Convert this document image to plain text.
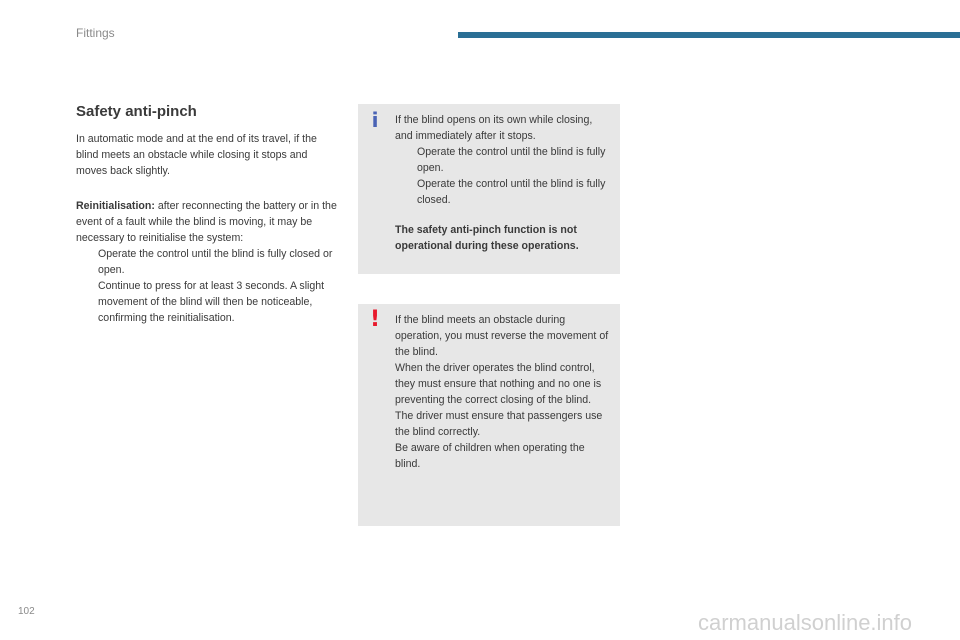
Fittings
Safety anti-pinch

In automatic mode and at the end of its travel, if the blind meets an obstacle while closing it stops and moves back slightly.

Reinitialisation: after reconnecting the battery or in the event of a fault while the blind is moving, it may be necessary to reinitialise the system:

Operate the control until the blind is fully closed or open.
Continue to press for at least 3 seconds. A slight movement of the blind will then be noticeable, confirming the reinitialisation.
i	If the blind opens on its own while closing, and immediately after it stops.

Operate the control until the blind is fully open.
Operate the control until the blind is fully closed.

The safety anti-pinch function is not operational during these operations.

! If the blind meets an obstacle during operation, you must reverse the movement of the blind.

When the driver operates the blind control, they must ensure that nothing and no one is preventing the correct closing of the blind.

The driver must ensure that passengers use the blind correctly.

Be aware of children when operating the blind.

102	carmanualsonline.info
